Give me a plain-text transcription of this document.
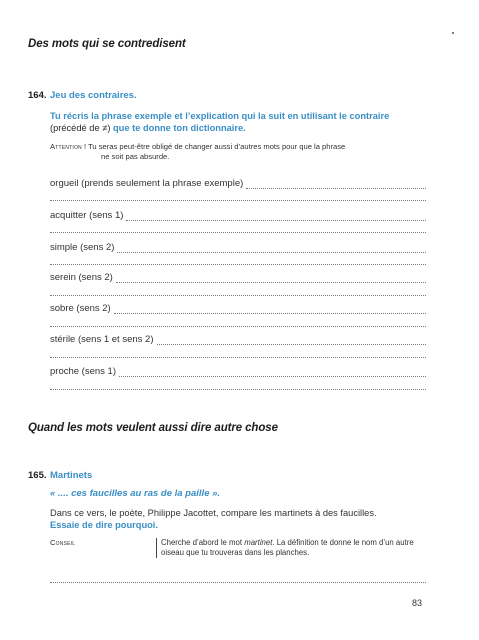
Des mots qui se contredisent
164. Jeu des contraires.
Tu récris la phrase exemple et l’explication qui la suit en utilisant le contraire
(précédé de ≠) que te donne ton dictionnaire.
Attention ! Tu seras peut-être obligé de changer aussi d’autres mots pour que la phrase
ne soit pas absurde.
orgueil (prends seulement la phrase exemple)
acquitter (sens 1)
simple (sens 2)
serein (sens 2)
sobre (sens 2)
stérile (sens 1 et sens 2)
proche (sens 1)
Quand les mots veulent aussi dire autre chose
165. Martinets
« .... ces faucilles au ras de la paille ».
Dans ce vers, le poète, Philippe Jacottet, compare les martinets à des faucilles.
Essaie de dire pourquoi.
Conseil	Cherche d’abord le mot martinet. La définition te donne le nom d’un autre oiseau que tu trouveras dans les planches.
83
